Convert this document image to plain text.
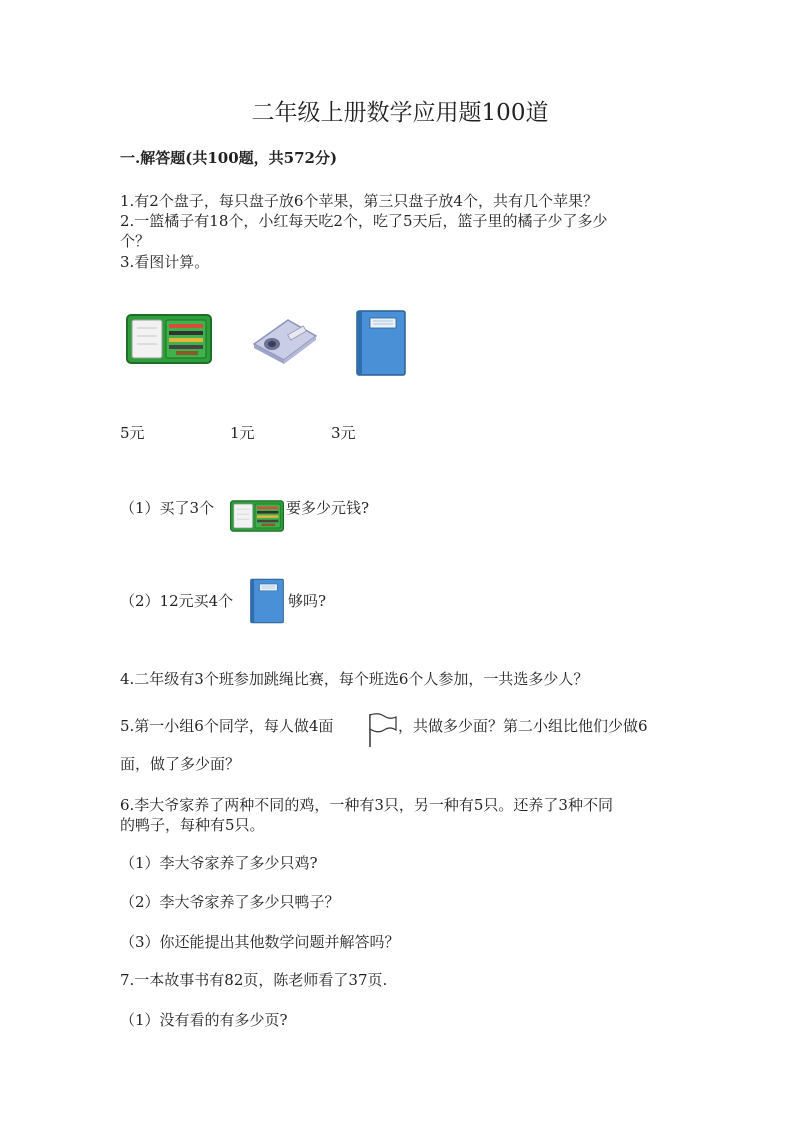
二年级上册数学应用题100道

一.解答题(共100题，共572分)

1.有2个盘子，每只盘子放6个苹果，第三只盘子放4个，共有几个苹果？

2.一篮橘子有18个，小红每天吃2个，吃了5天后，篮子里的橘子少了多少

个？

3.看图计算。

5元	1元	3元
（1）买了3个	要多少元钱?
（2）12元买4个	够吗?

4.二年级有3个班参加跳绳比赛，每个班选6个人参加，一共选多少人？

5.第一小组6个同学，每人做4面	，共做多少面？第二小组比他们少做6

面，做了多少面？

6.李大爷家养了两种不同的鸡，一种有3只，另一种有5只。还养了3种不同

的鸭子，每种有5只。

（1）李大爷家养了多少只鸡?

（2）李大爷家养了多少只鸭子？

（3）你还能提出其他数学问题并解答吗？

7.一本故事书有82页，陈老师看了37页.

（1）没有看的有多少页?
